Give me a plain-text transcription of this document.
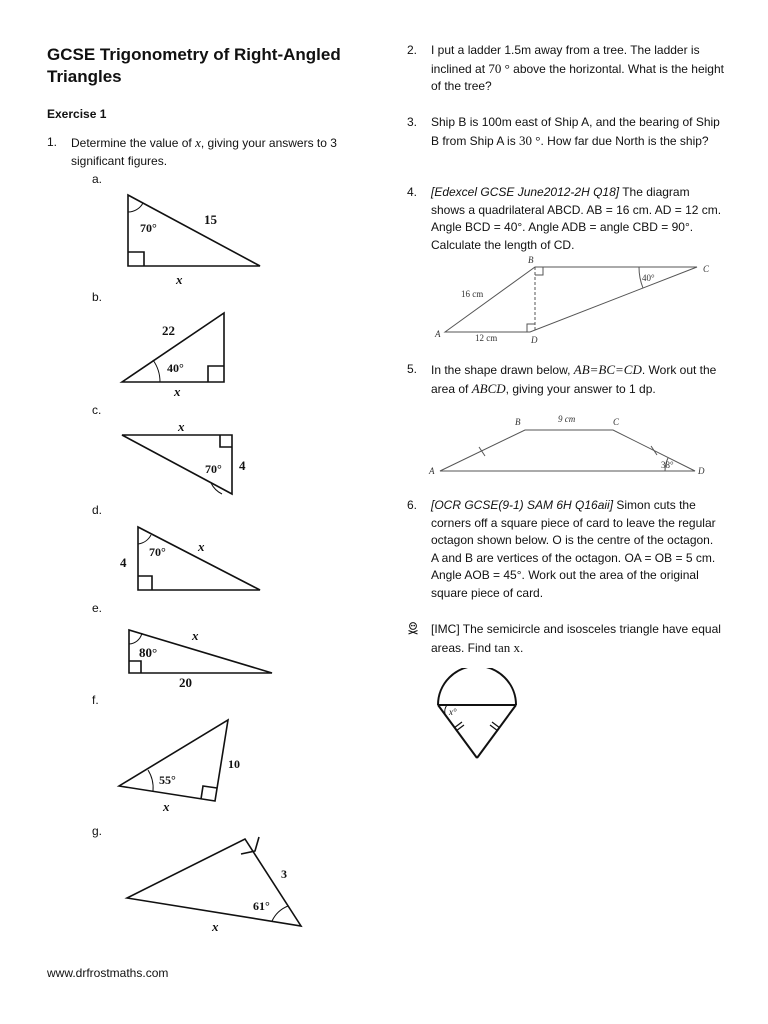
GCSE Trigonometry of Right-Angled Triangles
Exercise 1
1. Determine the value of x, giving your answers to 3 significant figures.
a.
b.
c.
d.
e.
f.
g.
70°
15
x
22
40°
x
x
70° 4
70° x
4
x
80°
20
10
55°
x
3
61°
x
2. I put a ladder 1.5m away from a tree. The ladder is inclined at 70 ° above the horizontal. What is the height of the tree?
3. Ship B is 100m east of Ship A, and the bearing of Ship B from Ship A is 30 °. How far due North is the ship?
4. [Edexcel GCSE June2012-2H Q18] The diagram shows a quadrilateral ABCD. AB = 16 cm. AD = 12 cm. Angle BCD = 40°. Angle ADB = angle CBD = 90°. Calculate the length of CD.
A
B
C
D
16 cm
12 cm
40°
5. In the shape drawn below, AB=BC=CD. Work out the area of ABCD, giving your answer to 1 dp.
A
B	C
D
9 cm
38°
6. [OCR GCSE(9-1) SAM 6H Q16aii] Simon cuts the corners off a square piece of card to leave the regular octagon shown below. O is the centre of the octagon. A and B are vertices of the octagon. OA = OB = 5 cm. Angle AOB = 45°. Work out the area of the original square piece of card.
[IMC] The semicircle and isosceles triangle have equal areas. Find tan x.
x°
www.drfrostmaths.com
